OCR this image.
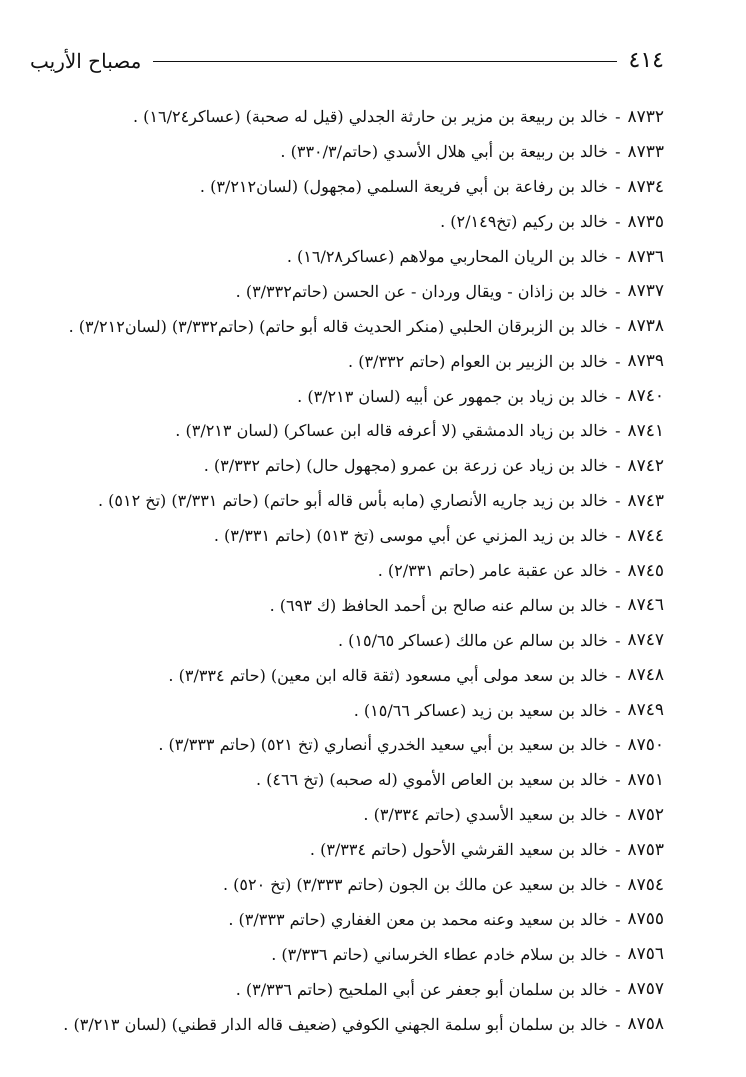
٤١٤
مصباح الأريب
٨٧٣٢
-
خالد بن ربيعة بن مزير بن حارثة الجدلي (قيل له صحبة) (عساكر١٦/٢٤) .
٨٧٣٣
-
خالد بن ربيعة بن أبي هلال الأسدي (حاتم/٣٣٠/٣) .
٨٧٣٤
-
خالد بن رفاعة بن أبي فريعة السلمي (مجهول) (لسان٣/٢١٢) .
٨٧٣٥
-
خالد بن ركيم (تخ٢/١٤٩) .
٨٧٣٦
-
خالد بن الريان المحاربي مولاهم (عساكر١٦/٢٨) .
٨٧٣٧
-
خالد بن زاذان - ويقال وردان - عن الحسن (حاتم٣/٣٣٢) .
٨٧٣٨
-
خالد بن الزبرقان الحلبي (منكر الحديث قاله أبو حاتم) (حاتم٣/٣٣٢) (لسان٣/٢١٢) .
٨٧٣٩
-
خالد بن الزبير بن العوام (حاتم ٣/٣٣٢) .
٨٧٤٠
-
خالد بن زياد بن جمهور عن أبيه (لسان ٣/٢١٣) .
٨٧٤١
-
خالد بن زياد الدمشقي (لا أعرفه قاله ابن عساكر) (لسان ٣/٢١٣) .
٨٧٤٢
-
خالد بن زياد عن زرعة بن عمرو (مجهول حال) (حاتم ٣/٣٣٢) .
٨٧٤٣
-
خالد بن زيد جاريه الأنصاري (مابه بأس قاله أبو حاتم) (حاتم ٣/٣٣١) (تخ ٥١٢) .
٨٧٤٤
-
خالد بن زيد المزني عن أبي موسى (تخ ٥١٣) (حاتم ٣/٣٣١) .
٨٧٤٥
-
خالد عن عقبة عامر (حاتم ٢/٣٣١) .
٨٧٤٦
-
خالد بن سالم عنه صالح بن أحمد الحافظ (ك ٦٩٣) .
٨٧٤٧
-
خالد بن سالم عن مالك (عساكر ١٥/٦٥) .
٨٧٤٨
-
خالد بن سعد مولى أبي مسعود (ثقة قاله ابن معين) (حاتم ٣/٣٣٤) .
٨٧٤٩
-
خالد بن سعيد بن زيد (عساكر ١٥/٦٦) .
٨٧٥٠
-
خالد بن سعيد بن أبي سعيد الخدري أنصاري (تخ ٥٢١) (حاتم ٣/٣٣٣) .
٨٧٥١
-
خالد بن سعيد بن العاص الأموي (له صحبه) (تخ ٤٦٦) .
٨٧٥٢
-
خالد بن سعيد الأسدي (حاتم ٣/٣٣٤) .
٨٧٥٣
-
خالد بن سعيد القرشي الأحول (حاتم ٣/٣٣٤) .
٨٧٥٤
-
خالد بن سعيد عن مالك بن الجون (حاتم ٣/٣٣٣) (تخ ٥٢٠) .
٨٧٥٥
-
خالد بن سعيد وعنه محمد بن معن الغفاري (حاتم ٣/٣٣٣) .
٨٧٥٦
-
خالد بن سلام خادم عطاء الخرساني (حاتم ٣/٣٣٦) .
٨٧٥٧
-
خالد بن سلمان أبو جعفر عن أبي الملحيح (حاتم ٣/٣٣٦) .
٨٧٥٨
-
خالد بن سلمان أبو سلمة الجهني الكوفي (ضعيف قاله الدار قطني) (لسان ٣/٢١٣) .
